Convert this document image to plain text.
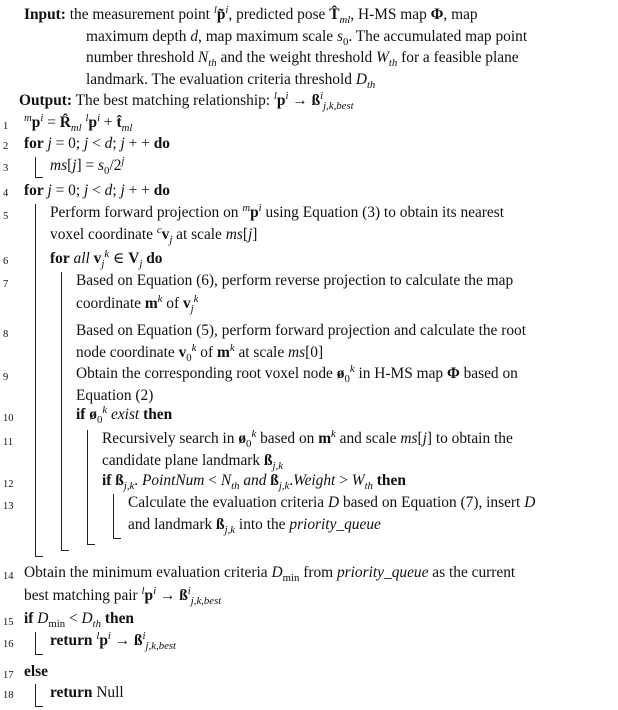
Input: the measurement point $^l$p̃$^i$, predicted pose $T̂_{ml}$, H-MS map Φ, map
maximum depth d, map maximum scale $s_0$. The accumulated map point
number threshold $N_{th}$ and the weight threshold $W_{th}$ for a feasible plane
landmark. The evaluation criteria threshold $D_{th}$
Output: The best matching relationship: $^lp^i$ → $ß^i_{j,k,best}$
1
2
3
4
5
6
7
8
9
10
11
12
13
14
15
16
17
18
$^mp^i$ = $R̂_{ml}$ $^lp^i$ + $t̂_{ml}$
for j = 0; j < d; j + + do
$ms[j] = s_0/2^j$
for j = 0; j < d; j + + do
Perform forward projection on $^mp^i$ using Equation (3) to obtain its nearest
voxel coordinate $^cv_j$ at scale ms[j]
for all $v_j^k$ ∈ $V_j$ do
Based on Equation (6), perform reverse projection to calculate the map
coordinate $m^k$ of $v_j^k$
Based on Equation (5), perform forward projection and calculate the root
node coordinate $v_0^k$ of $m^k$ at scale ms[0]
Obtain the corresponding root voxel node $ø_0^k$ in H-MS map Φ based on
Equation (2)
if $ø_0^k$ exist then
Recursively search in $ø_0^k$ based on $m^k$ and scale ms[j] to obtain the
candidate plane landmark $ß_{j,k}$
if $ß_{j,k}$. PointNum < $N_{th}$ and $ß_{j,k}.Weight > W_{th}$ then
Calculate the evaluation criteria D based on Equation (7), insert D
and landmark $ß_{j,k}$ into the priority_queue
Obtain the minimum evaluation criteria $D_{min}$ from priority_queue as the current
best matching pair $^lp^i$ → $ß^i_{j,k,best}$
if $D_{min} < D_{th}$ then
return $^lp^i$ → $ß^i_{j,k,best}$
else
return Null
